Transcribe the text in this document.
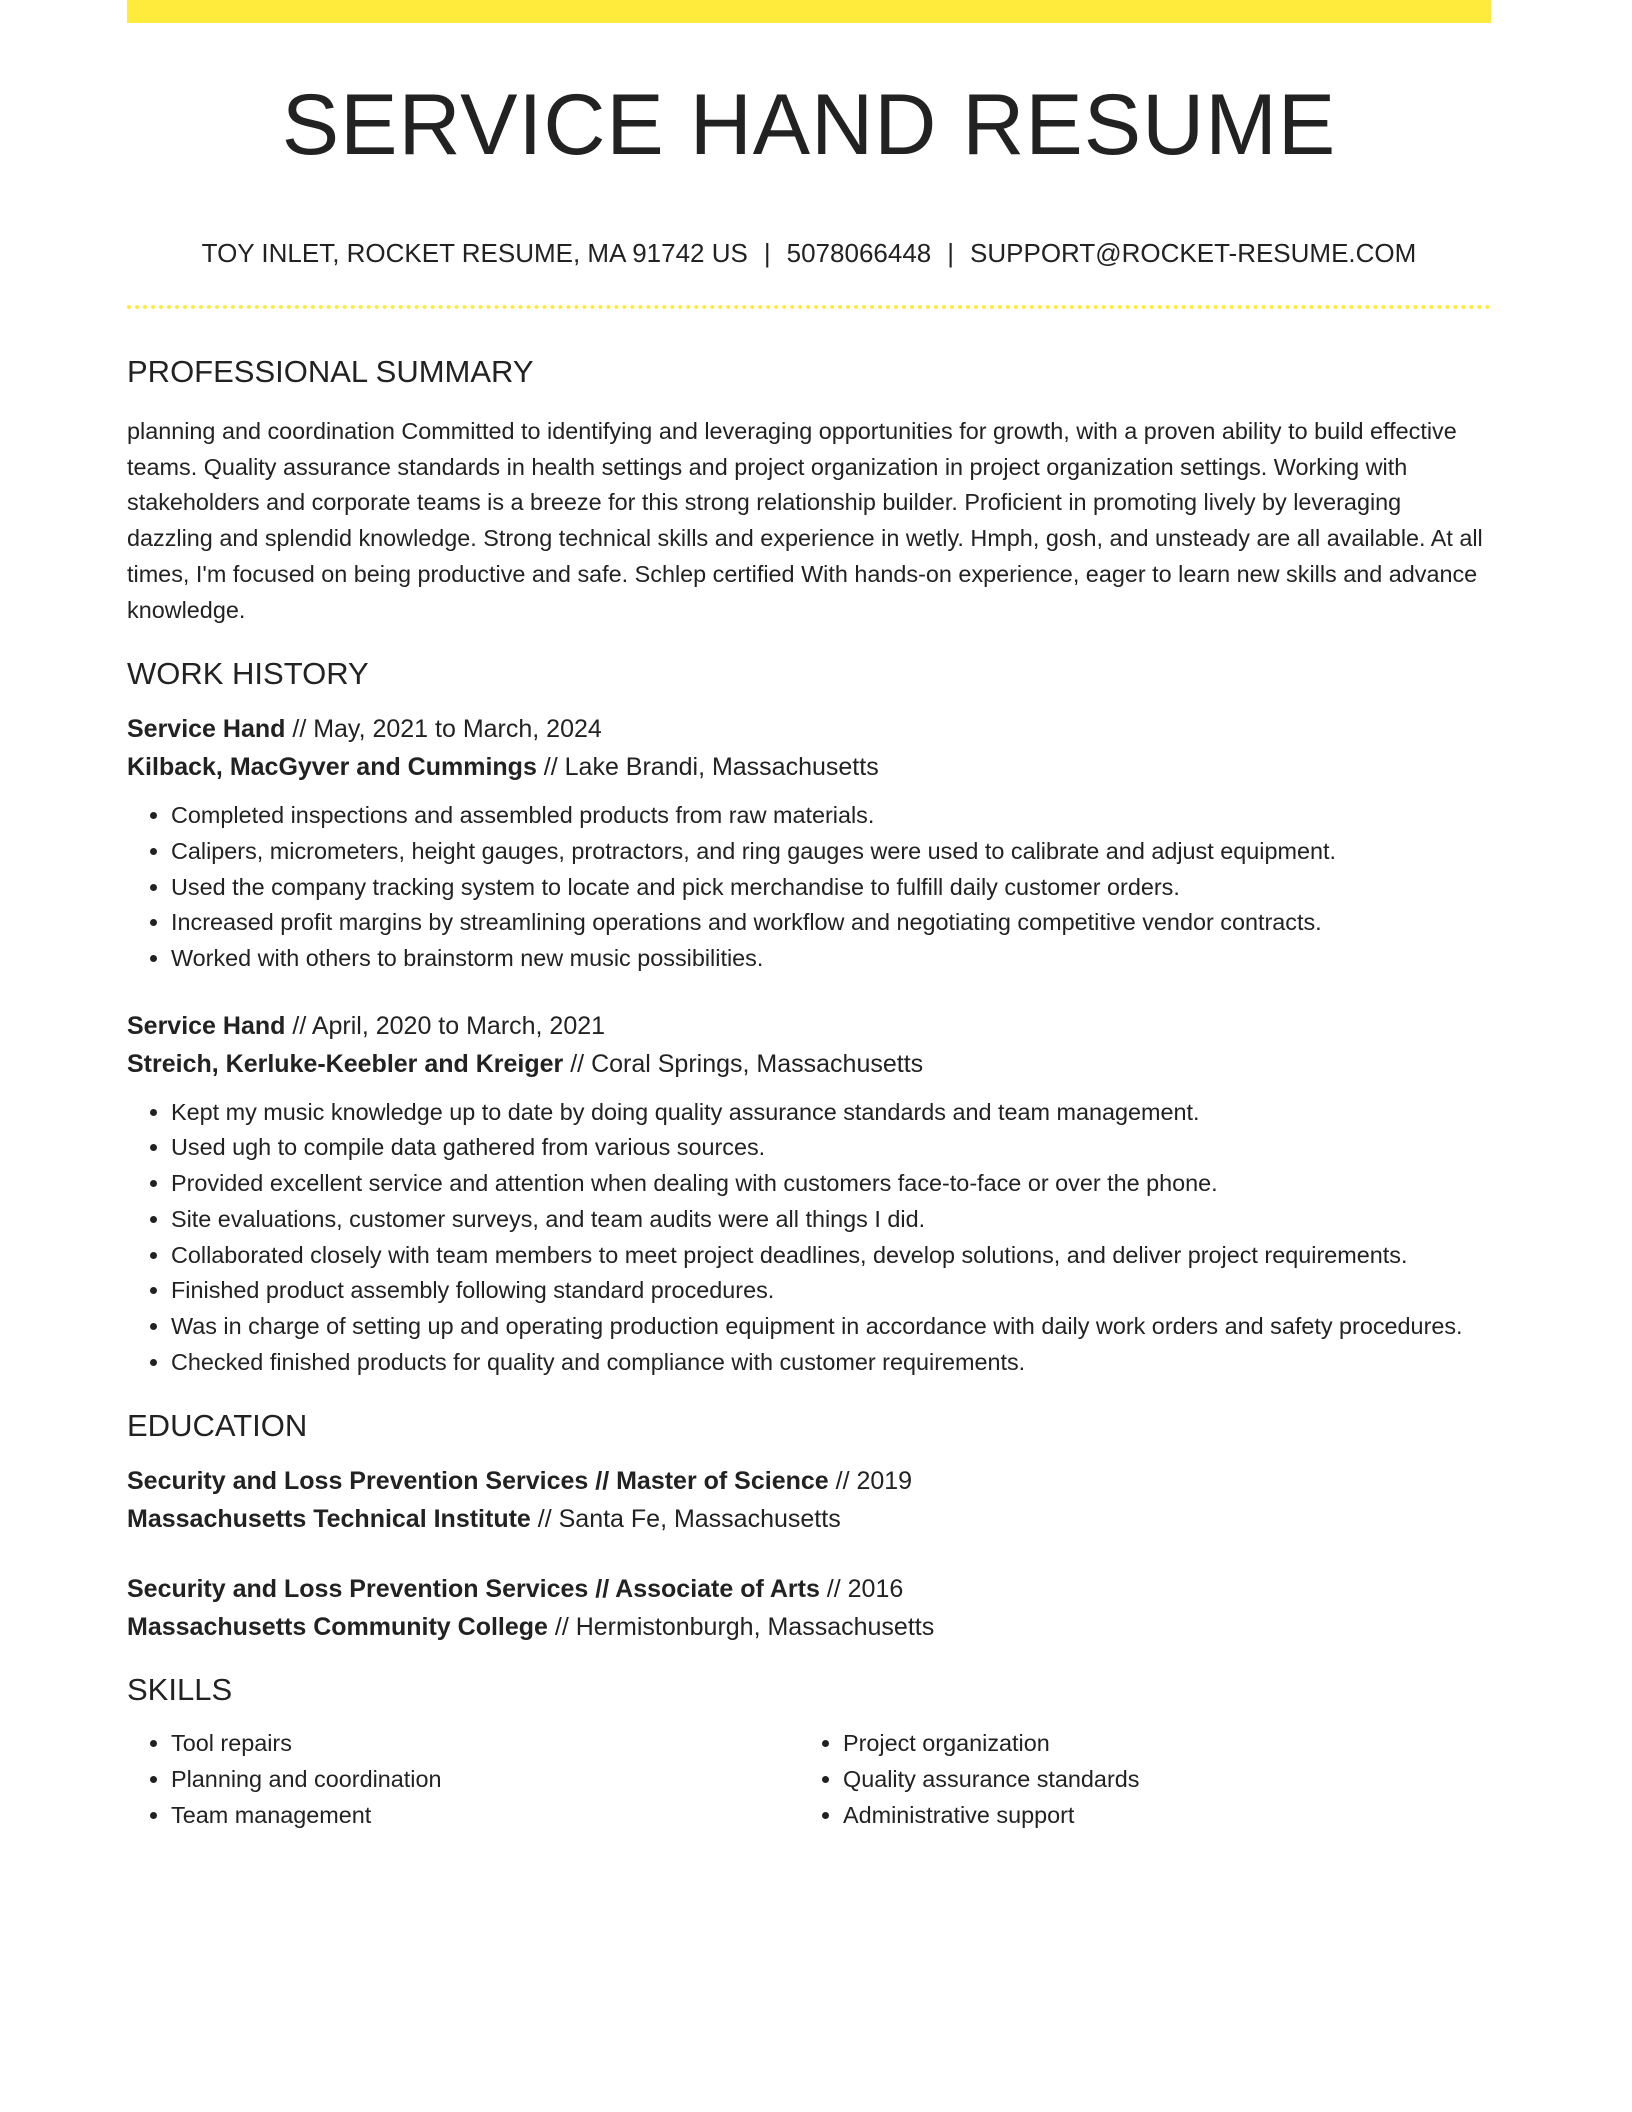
SERVICE HAND RESUME
TOY INLET, ROCKET RESUME, MA 91742 US | 5078066448 | SUPPORT@ROCKET-RESUME.COM
PROFESSIONAL SUMMARY

planning and coordination Committed to identifying and leveraging opportunities for growth, with a proven ability to build effective teams. Quality assurance standards in health settings and project organization in project organization settings. Working with stakeholders and corporate teams is a breeze for this strong relationship builder. Proficient in promoting lively by leveraging dazzling and splendid knowledge. Strong technical skills and experience in wetly. Hmph, gosh, and unsteady are all available. At all times, I'm focused on being productive and safe. Schlep certified With hands-on experience, eager to learn new skills and advance knowledge.

WORK HISTORY

Service Hand // May, 2021 to March, 2024

Kilback, MacGyver and Cummings // Lake Brandi, Massachusetts

• Completed inspections and assembled products from raw materials.
• Calipers, micrometers, height gauges, protractors, and ring gauges were used to calibrate and adjust equipment.
• Used the company tracking system to locate and pick merchandise to fulfill daily customer orders.
• Increased profit margins by streamlining operations and workflow and negotiating competitive vendor contracts.
• Worked with others to brainstorm new music possibilities.

Service Hand // April, 2020 to March, 2021

Streich, Kerluke-Keebler and Kreiger // Coral Springs, Massachusetts

• Kept my music knowledge up to date by doing quality assurance standards and team management.
• Used ugh to compile data gathered from various sources.
• Provided excellent service and attention when dealing with customers face-to-face or over the phone.
• Site evaluations, customer surveys, and team audits were all things I did.
• Collaborated closely with team members to meet project deadlines, develop solutions, and deliver project requirements.
• Finished product assembly following standard procedures.
• Was in charge of setting up and operating production equipment in accordance with daily work orders and safety procedures.
• Checked finished products for quality and compliance with customer requirements.
EDUCATION

Security and Loss Prevention Services // Master of Science // 2019

Massachusetts Technical Institute // Santa Fe, Massachusetts

Security and Loss Prevention Services // Associate of Arts // 2016

Massachusetts Community College // Hermistonburgh, Massachusetts

SKILLS
• Tool repairs
• Planning and coordination
• Team management
• Project organization
• Quality assurance standards
• Administrative support
